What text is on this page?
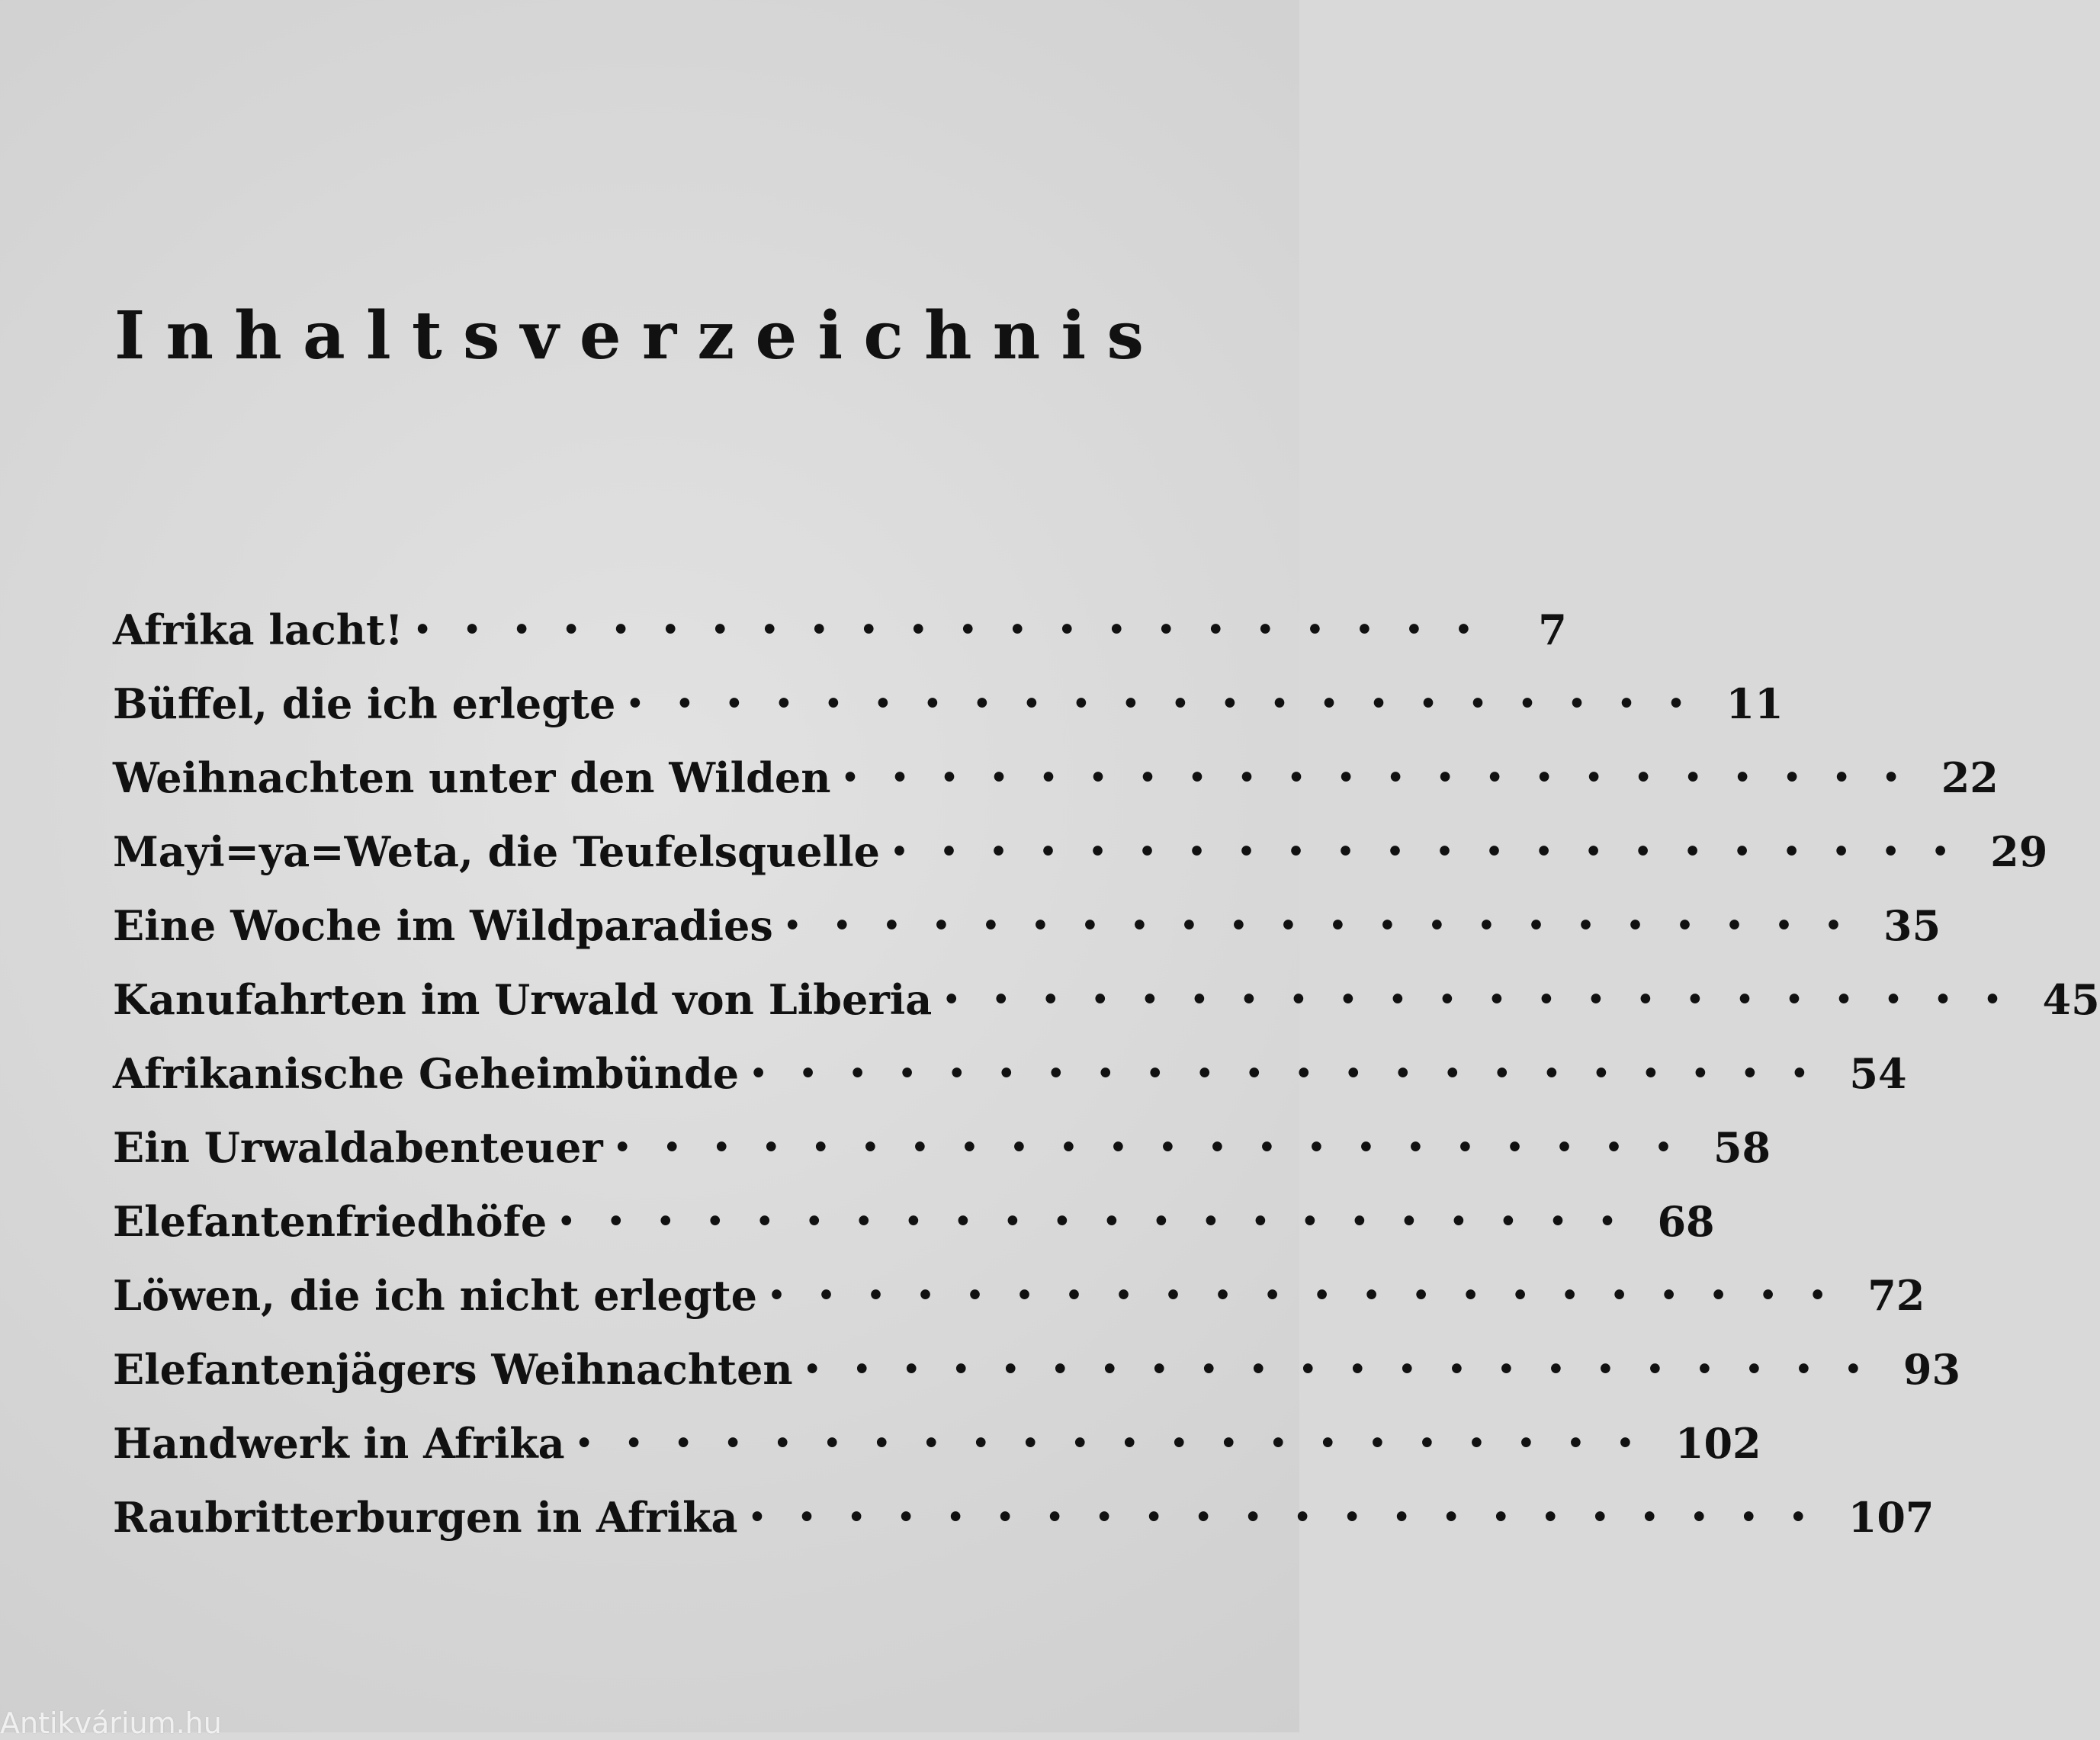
I n h a l t s v e r z e i c h n i s
Afrika lacht! •••••••••••••••••••••• 7
Büffel, die ich erlegte •••••••••••••••••••••• 11
Weihnachten unter den Wilden •••••••••••••••••••••• 22
Mayi=ya=Weta, die Teufelsquelle •••••••••••••••••••••• 29
Eine Woche im Wildparadies •••••••••••••••••••••• 35
Kanufahrten im Urwald von Liberia •••••••••••••••••••••• 45
Afrikanische Geheimbünde •••••••••••••••••••••• 54
Ein Urwaldabenteuer •••••••••••••••••••••• 58
Elefantenfriedhöfe •••••••••••••••••••••• 68
Löwen, die ich nicht erlegte •••••••••••••••••••••• 72
Elefantenjägers Weihnachten •••••••••••••••••••••• 93
Handwerk in Afrika •••••••••••••••••••••• 102
Raubritterburgen in Afrika •••••••••••••••••••••• 107
Antikvárium.hu
